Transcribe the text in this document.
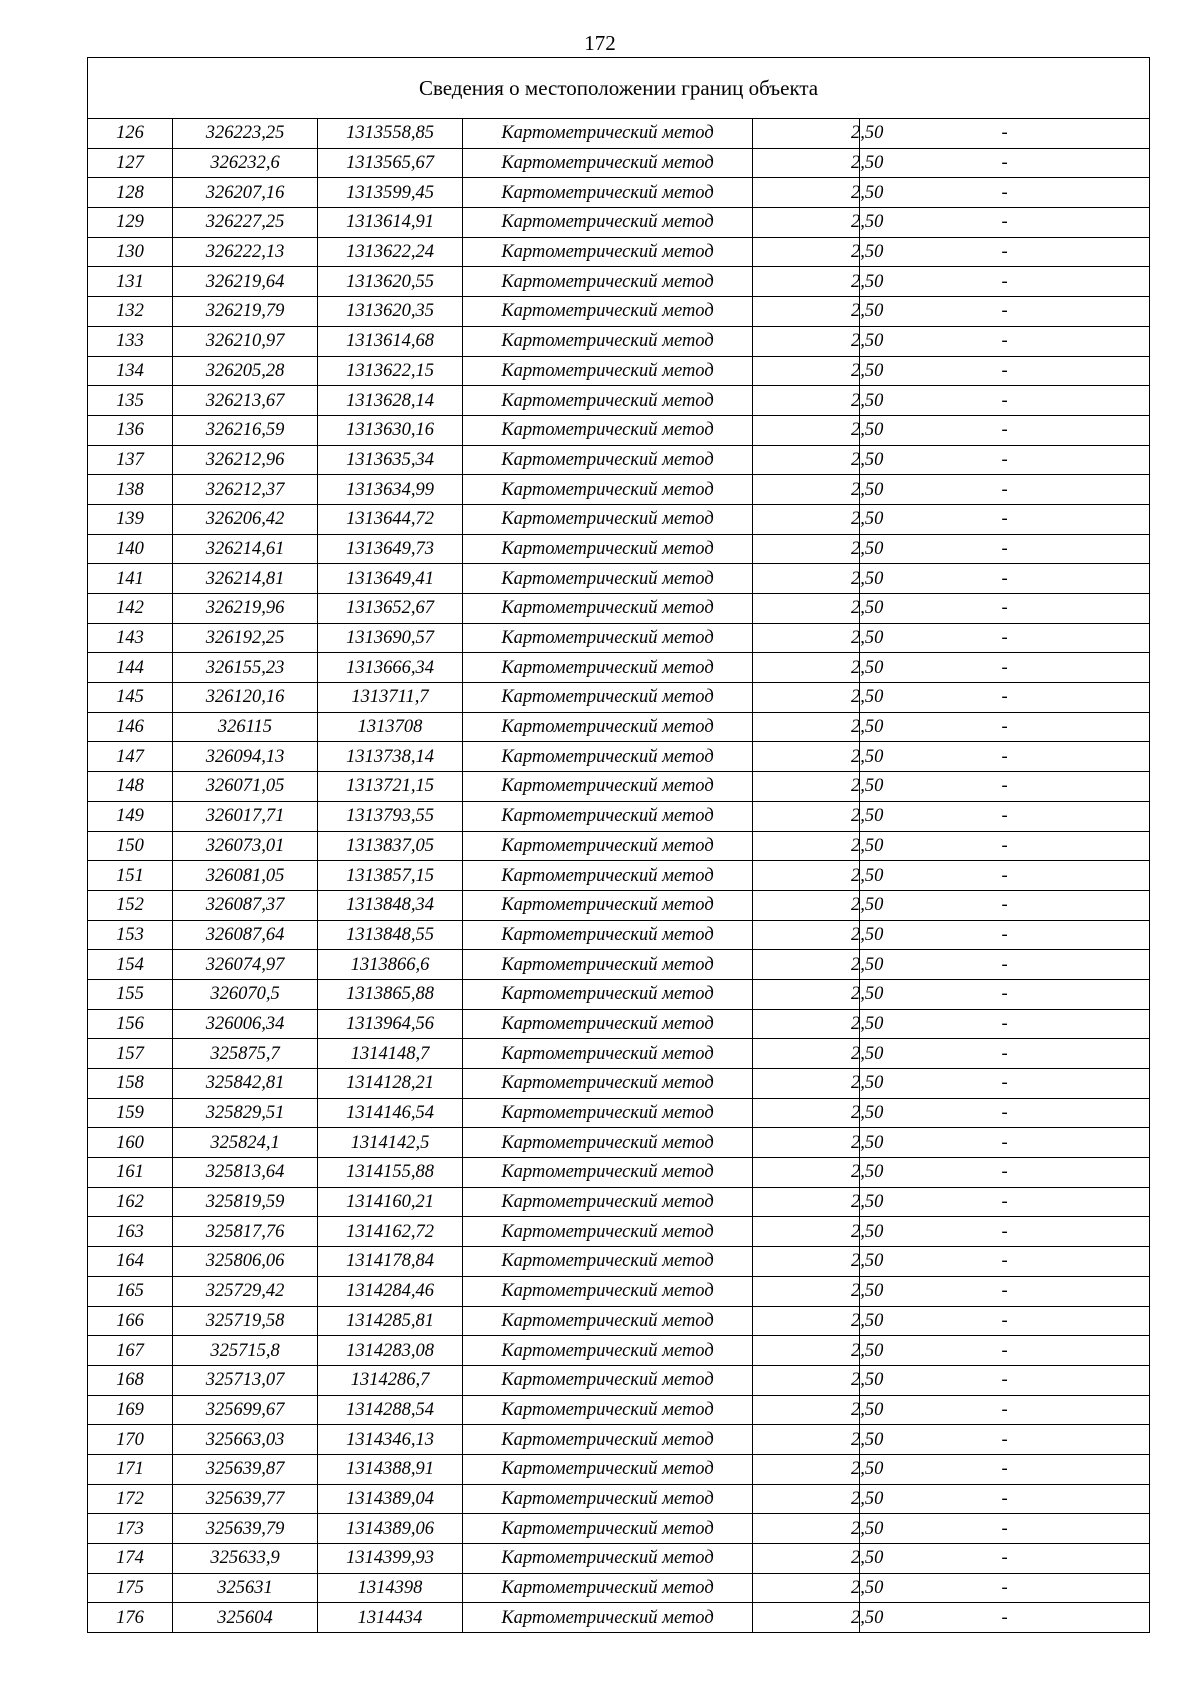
172
Сведения о местоположении границ объекта					
126	326223,25	1313558,85	Картометрический метод	2,50	-
127	326232,6	1313565,67	Картометрический метод	2,50	-
128	326207,16	1313599,45	Картометрический метод	2,50	-
129	326227,25	1313614,91	Картометрический метод	2,50	-
130	326222,13	1313622,24	Картометрический метод	2,50	-
131	326219,64	1313620,55	Картометрический метод	2,50	-
132	326219,79	1313620,35	Картометрический метод	2,50	-
133	326210,97	1313614,68	Картометрический метод	2,50	-
134	326205,28	1313622,15	Картометрический метод	2,50	-
135	326213,67	1313628,14	Картометрический метод	2,50	-
136	326216,59	1313630,16	Картометрический метод	2,50	-
137	326212,96	1313635,34	Картометрический метод	2,50	-
138	326212,37	1313634,99	Картометрический метод	2,50	-
139	326206,42	1313644,72	Картометрический метод	2,50	-
140	326214,61	1313649,73	Картометрический метод	2,50	-
141	326214,81	1313649,41	Картометрический метод	2,50	-
142	326219,96	1313652,67	Картометрический метод	2,50	-
143	326192,25	1313690,57	Картометрический метод	2,50	-
144	326155,23	1313666,34	Картометрический метод	2,50	-
145	326120,16	1313711,7	Картометрический метод	2,50	-
146	326115	1313708	Картометрический метод	2,50	-
147	326094,13	1313738,14	Картометрический метод	2,50	-
148	326071,05	1313721,15	Картометрический метод	2,50	-
149	326017,71	1313793,55	Картометрический метод	2,50	-
150	326073,01	1313837,05	Картометрический метод	2,50	-
151	326081,05	1313857,15	Картометрический метод	2,50	-
152	326087,37	1313848,34	Картометрический метод	2,50	-
153	326087,64	1313848,55	Картометрический метод	2,50	-
154	326074,97	1313866,6	Картометрический метод	2,50	-
155	326070,5	1313865,88	Картометрический метод	2,50	-
156	326006,34	1313964,56	Картометрический метод	2,50	-
157	325875,7	1314148,7	Картометрический метод	2,50	-
158	325842,81	1314128,21	Картометрический метод	2,50	-
159	325829,51	1314146,54	Картометрический метод	2,50	-
160	325824,1	1314142,5	Картометрический метод	2,50	-
161	325813,64	1314155,88	Картометрический метод	2,50	-
162	325819,59	1314160,21	Картометрический метод	2,50	-
163	325817,76	1314162,72	Картометрический метод	2,50	-
164	325806,06	1314178,84	Картометрический метод	2,50	-
165	325729,42	1314284,46	Картометрический метод	2,50	-
166	325719,58	1314285,81	Картометрический метод	2,50	-
167	325715,8	1314283,08	Картометрический метод	2,50	-
168	325713,07	1314286,7	Картометрический метод	2,50	-
169	325699,67	1314288,54	Картометрический метод	2,50	-
170	325663,03	1314346,13	Картометрический метод	2,50	-
171	325639,87	1314388,91	Картометрический метод	2,50	-
172	325639,77	1314389,04	Картометрический метод	2,50	-
173	325639,79	1314389,06	Картометрический метод	2,50	-
174	325633,9	1314399,93	Картометрический метод	2,50	-
175	325631	1314398	Картометрический метод	2,50	-
176	325604	1314434	Картометрический метод	2,50	-
